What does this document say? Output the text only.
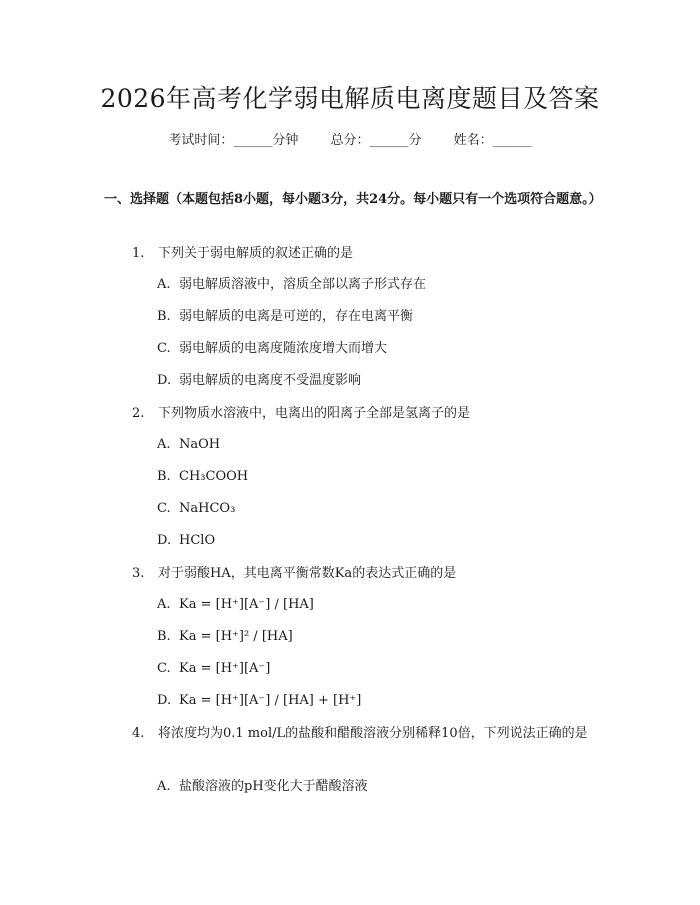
2026年高考化学弱电解质电离度题目及答案
考试时间：______分钟 总分：______分 姓名：______
一、选择题（本题包括8小题，每小题3分，共24分。每小题只有一个选项符合题意。）
1. 下列关于弱电解质的叙述正确的是
A. 弱电解质溶液中，溶质全部以离子形式存在
B. 弱电解质的电离是可逆的，存在电离平衡
C. 弱电解质的电离度随浓度增大而增大
D. 弱电解质的电离度不受温度影响
2. 下列物质水溶液中，电离出的阳离子全部是氢离子的是
A. NaOH
B. CH₃COOH
C. NaHCO₃
D. HClO
3. 对于弱酸HA，其电离平衡常数Ka的表达式正确的是
A. Ka = [H⁺][A⁻] / [HA]
B. Ka = [H⁺]² / [HA]
C. Ka = [H⁺][A⁻]
D. Ka = [H⁺][A⁻] / [HA] + [H⁺]
4. 将浓度均为0.1 mol/L的盐酸和醋酸溶液分别稀释10倍，下列说法正确的是
A. 盐酸溶液的pH变化大于醋酸溶液
